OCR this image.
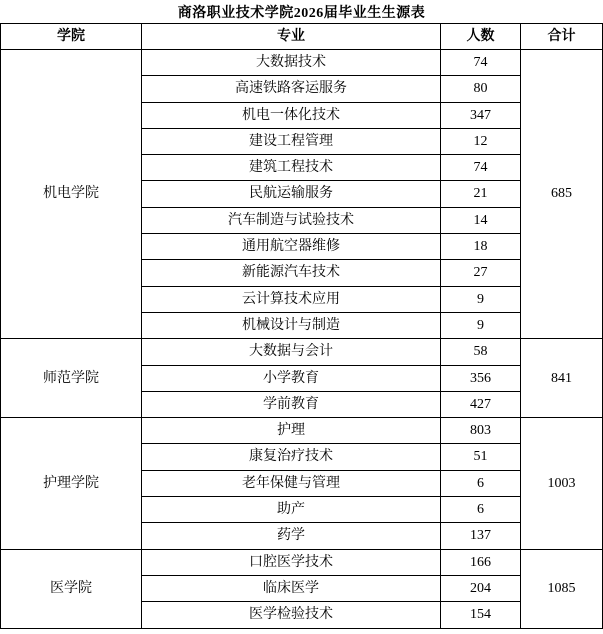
商洛职业技术学院2026届毕业生生源表
学院	专业	人数	合计
机电学院	大数据技术	74	685
	高速铁路客运服务	80	
	机电一体化技术	347	
	建设工程管理	12	
	建筑工程技术	74	
	民航运输服务	21	
	汽车制造与试验技术	14	
	通用航空器维修	18	
	新能源汽车技术	27	
	云计算技术应用	9	
	机械设计与制造	9	
师范学院	大数据与会计	58	841
	小学教育	356	
	学前教育	427	
护理学院	护理	803	1003
	康复治疗技术	51	
	老年保健与管理	6	
	助产	6	
	药学	137	
医学院	口腔医学技术	166	1085
	临床医学	204	
	医学检验技术	154	
